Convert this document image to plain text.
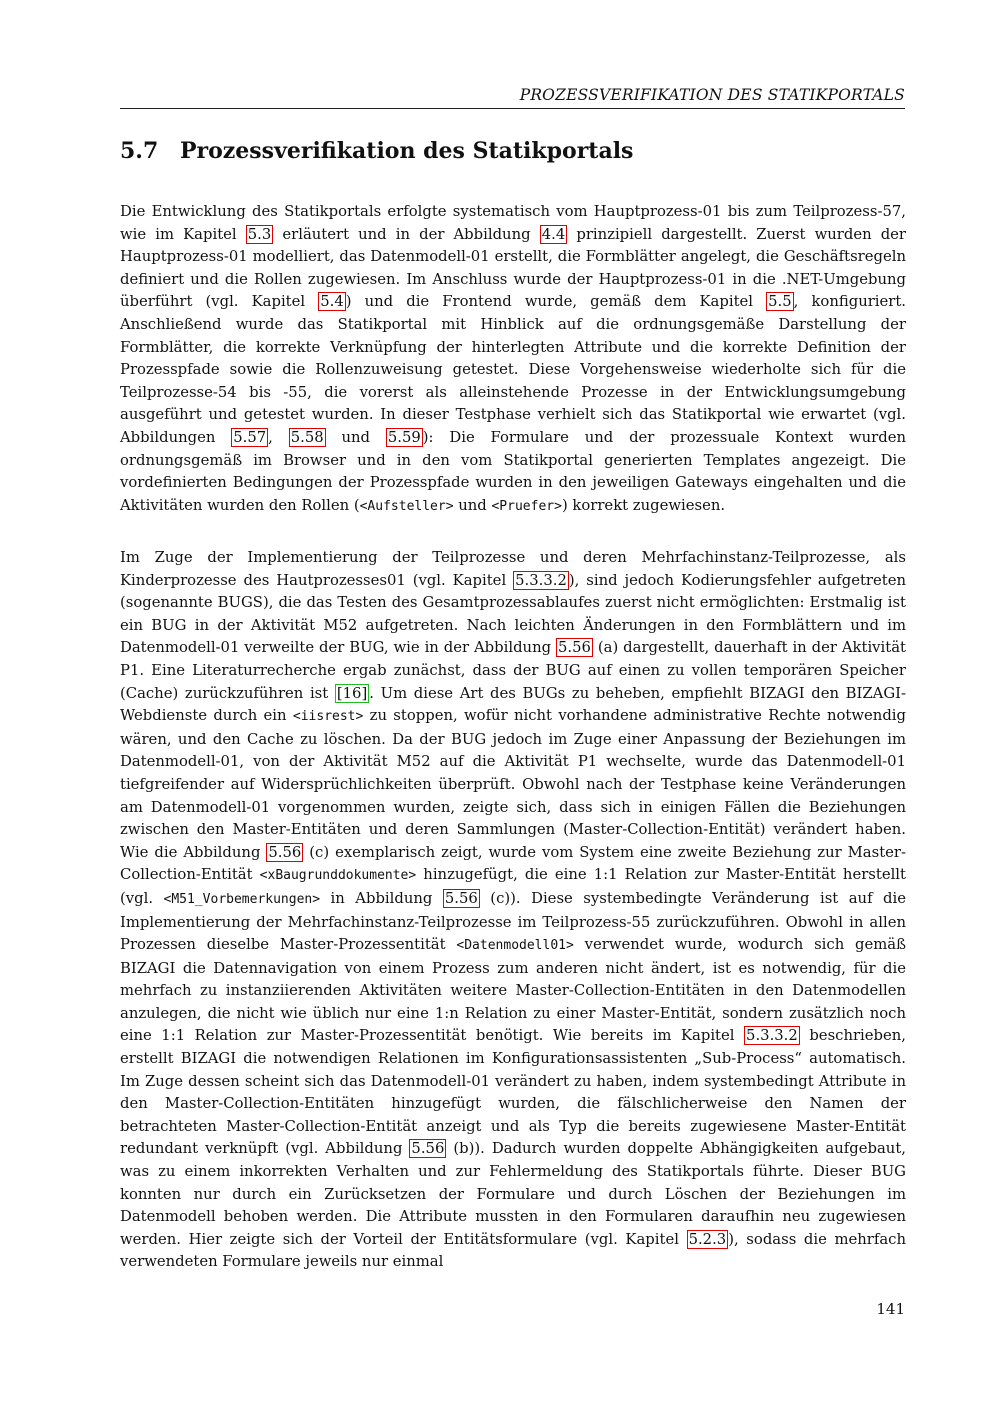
PROZESSVERIFIKATION DES STATIKPORTALS
5.7 Prozessverifikation des Statikportals

Die Entwicklung des Statikportals erfolgte systematisch vom Hauptprozess-01 bis zum Teilprozess-57, wie im Kapitel 5.3 erläutert und in der Abbildung 4.4 prinzipiell dargestellt. Zuerst wurden der Hauptprozess-01 modelliert, das Datenmodell-01 erstellt, die Formblätter angelegt, die Geschäftsregeln definiert und die Rollen zugewiesen. Im Anschluss wurde der Hauptprozess-01 in die .NET-Umgebung überführt (vgl. Kapitel 5.4 ) und die Frontend wurde, gemäß dem Kapitel 5.5 , konfiguriert. Anschließend wurde das Statikportal mit Hinblick auf die ordnungsgemäße Darstellung der Formblätter, die korrekte Verknüpfung der hinterlegten Attribute und die korrekte Definition der Prozesspfade sowie die Rollenzuweisung getestet. Diese Vorgehensweise wiederholte sich für die Teilprozesse-54 bis -55, die vorerst als alleinstehende Prozesse in der Entwicklungsumgebung ausgeführt und getestet wurden. In dieser Testphase verhielt sich das Statikportal wie erwartet (vgl. Abbildungen 5.57 , 5.58 und 5.59 ): Die Formulare und der prozessuale Kontext wurden ordnungsgemäß im Browser und in den vom Statikportal generierten Templates angezeigt. Die vordefinierten Bedingungen der Prozesspfade wurden in den jeweiligen Gateways eingehalten und die Aktivitäten wurden den Rollen (<Aufsteller> und <Pruefer>) korrekt zugewiesen.

Im Zuge der Implementierung der Teilprozesse und deren Mehrfachinstanz-Teilprozesse, als Kinderprozesse des Hautprozesses01 (vgl. Kapitel 5.3.3.2 ), sind jedoch Kodierungsfehler aufgetreten (sogenannte BUGS), die das Testen des Gesamtprozessablaufes zuerst nicht ermöglichten: Erstmalig ist ein BUG in der Aktivität M52 aufgetreten. Nach leichten Änderungen in den Formblättern und im Datenmodell-01 verweilte der BUG, wie in der Abbildung 5.56 (a) dargestellt, dauerhaft in der Aktivität P1. Eine Literaturrecherche ergab zunächst, dass der BUG auf einen zu vollen temporären Speicher (Cache) zurückzuführen ist [16] . Um diese Art des BUGs zu beheben, empfiehlt BIZAGI den BIZAGI-Webdienste durch ein <iisrest> zu stoppen, wofür nicht vorhandene administrative Rechte notwendig wären, und den Cache zu löschen. Da der BUG jedoch im Zuge einer Anpassung der Beziehungen im Datenmodell-01, von der Aktivität M52 auf die Aktivität P1 wechselte, wurde das Datenmodell-01 tiefgreifender auf Widersprüchlichkeiten überprüft. Obwohl nach der Testphase keine Veränderungen am Datenmodell-01 vorgenommen wurden, zeigte sich, dass sich in einigen Fällen die Beziehungen zwischen den Master-Entitäten und deren Sammlungen (Master-Collection-Entität) verändert haben. Wie die Abbildung 5.56 (c) exemplarisch zeigt, wurde vom System eine zweite Beziehung zur Master-Collection-Entität <xBaugrunddokumente> hinzugefügt, die eine 1:1 Relation zur Master-Entität herstellt (vgl. <M51_Vorbemerkungen> in Abbildung 5.56 (c)). Diese systembedingte Veränderung ist auf die Implementierung der Mehrfachinstanz-Teilprozesse im Teilprozess-55 zurückzuführen. Obwohl in allen Prozessen dieselbe Master-Prozessentität <Datenmodell01> verwendet wurde, wodurch sich gemäß BIZAGI die Datennavigation von einem Prozess zum anderen nicht ändert, ist es notwendig, für die mehrfach zu instanziierenden Aktivitäten weitere Master-Collection-Entitäten in den Datenmodellen anzulegen, die nicht wie üblich nur eine 1:n Relation zu einer Master-Entität, sondern zusätzlich noch eine 1:1 Relation zur Master-Prozessentität benötigt. Wie bereits im Kapitel 5.3.3.2 beschrieben, erstellt BIZAGI die notwendigen Relationen im Konfigurationsassistenten „Sub-Process“ automatisch. Im Zuge dessen scheint sich das Datenmodell-01 verändert zu haben, indem systembedingt Attribute in den Master-Collection-Entitäten hinzugefügt wurden, die fälschlicherweise den Namen der betrachteten Master-Collection-Entität anzeigt und als Typ die bereits zugewiesene Master-Entität redundant verknüpft (vgl. Abbildung 5.56 (b)). Dadurch wurden doppelte Abhängigkeiten aufgebaut, was zu einem inkorrekten Verhalten und zur Fehlermeldung des Statikportals führte. Dieser BUG konnten nur durch ein Zurücksetzen der Formulare und durch Löschen der Beziehungen im Datenmodell behoben werden. Die Attribute mussten in den Formularen daraufhin neu zugewiesen werden. Hier zeigte sich der Vorteil der Entitätsformulare (vgl. Kapitel 5.2.3 ), sodass die mehrfach verwendeten Formulare jeweils nur einmal

141
